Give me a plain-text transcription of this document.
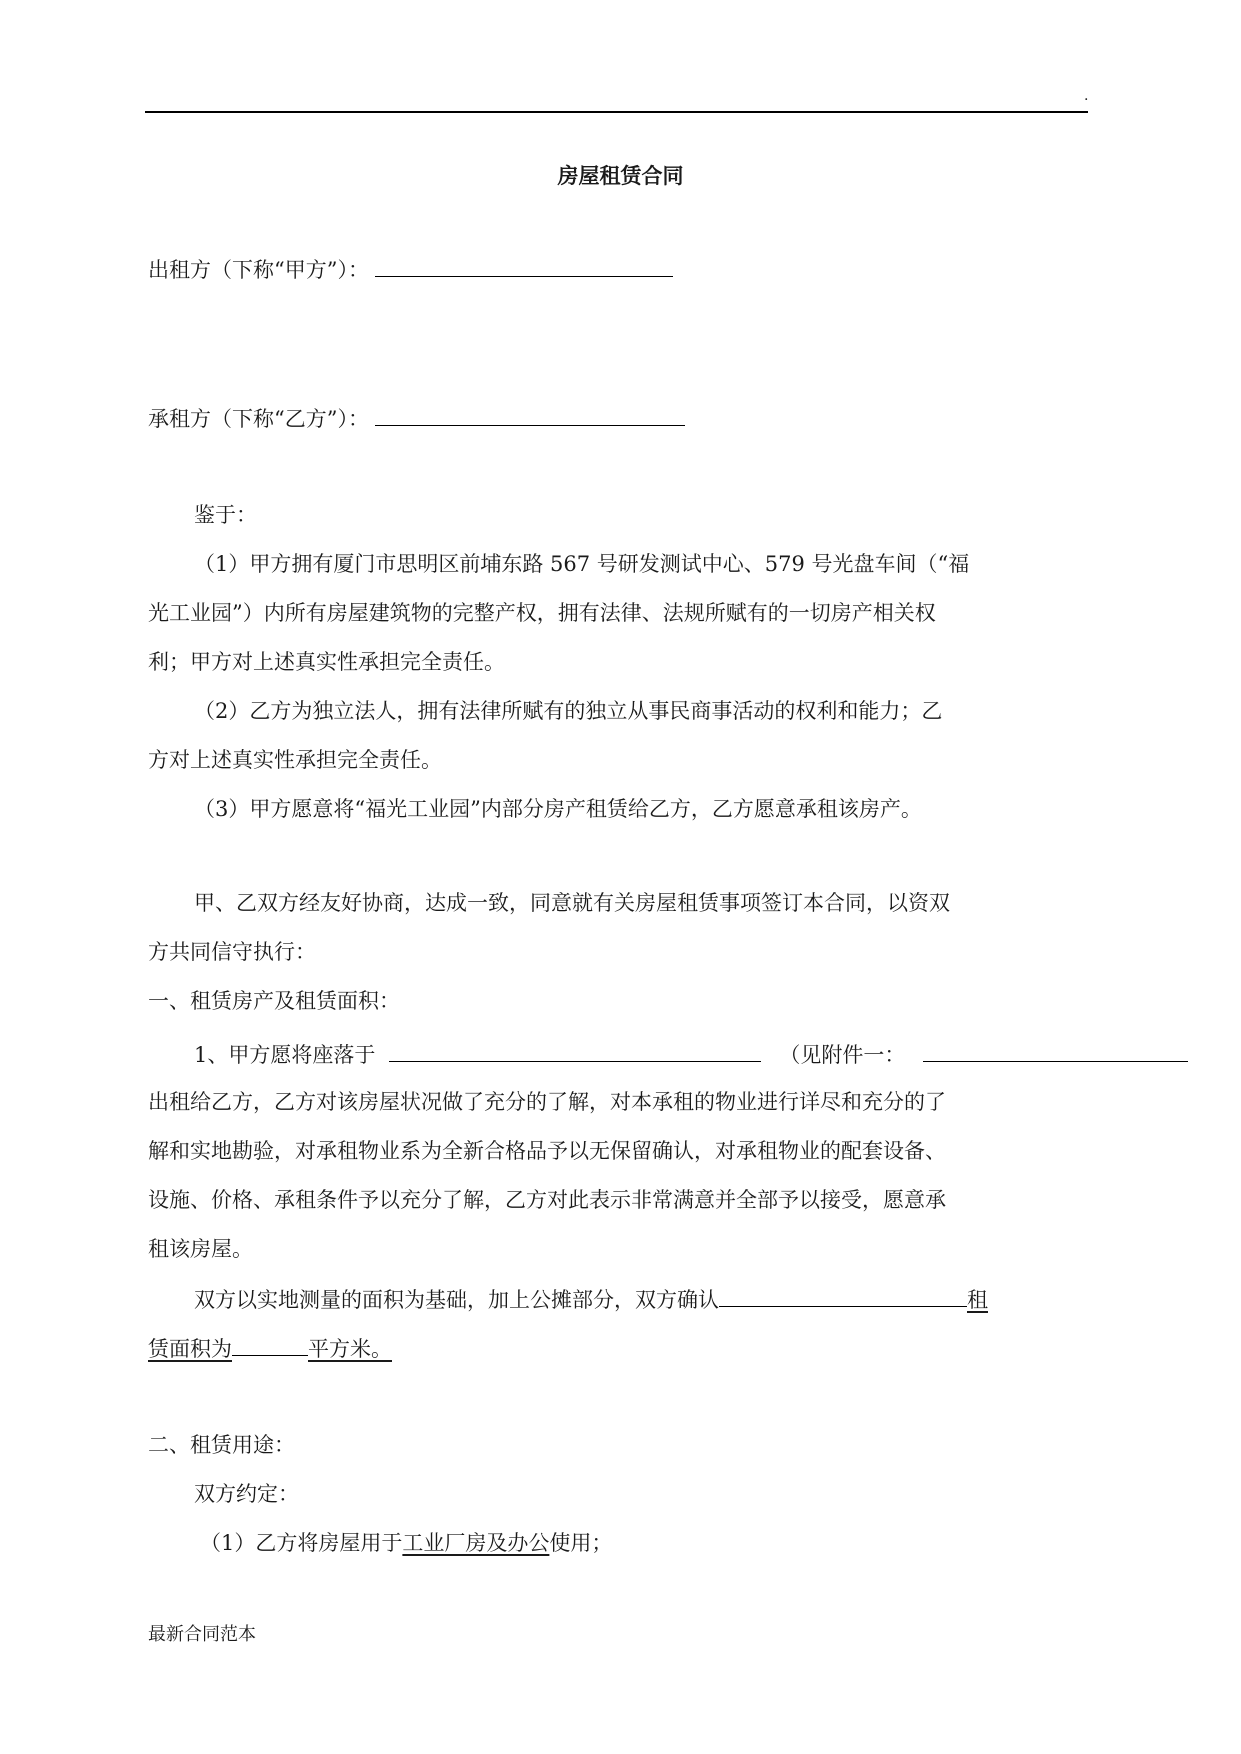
.
房屋租赁合同
出租方（下称“甲方”）：
承租方（下称“乙方”）：
鉴于：
（1）甲方拥有厦门市思明区前埔东路 567 号研发测试中心、579 号光盘车间（“福
光工业园”）内所有房屋建筑物的完整产权，拥有法律、法规所赋有的一切房产相关权
利；甲方对上述真实性承担完全责任。
（2）乙方为独立法人，拥有法律所赋有的独立从事民商事活动的权利和能力；乙
方对上述真实性承担完全责任。
（3）甲方愿意将“福光工业园”内部分房产租赁给乙方，乙方愿意承租该房产。
甲、乙双方经友好协商，达成一致，同意就有关房屋租赁事项签订本合同，以资双
方共同信守执行：
一、租赁房产及租赁面积：
1、甲方愿将座落于	（见附件一：
出租给乙方，乙方对该房屋状况做了充分的了解，对本承租的物业进行详尽和充分的了
解和实地勘验，对承租物业系为全新合格品予以无保留确认，对承租物业的配套设备、
设施、价格、承租条件予以充分了解，乙方对此表示非常满意并全部予以接受，愿意承
租该房屋。
双方以实地测量的面积为基础，加上公摊部分，双方确认	租
赁面积为	平方米。
二、租赁用途：
双方约定：
（1）乙方将房屋用于工业厂房及办公使用；
最新合同范本
